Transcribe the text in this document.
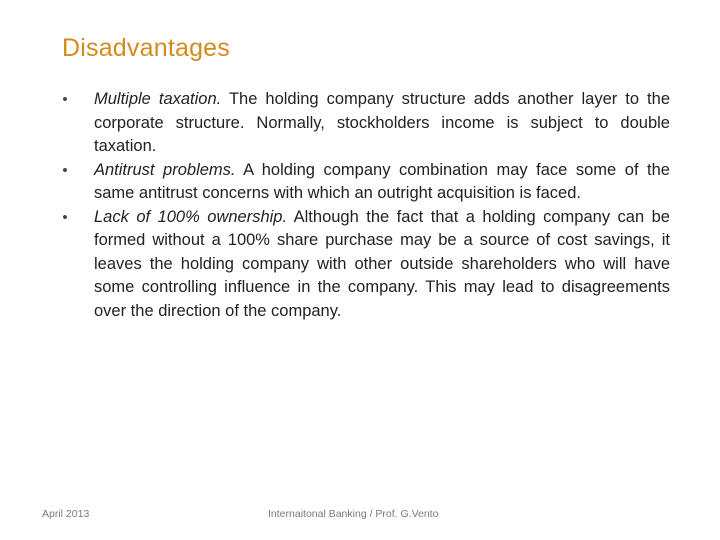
Disadvantages
• Multiple taxation. The holding company structure adds another layer to the corporate structure. Normally, stockholders income is subject to double taxation.
• Antitrust problems. A holding company combination may face some of the same antitrust concerns with which an outright acquisition is faced.
• Lack of 100% ownership. Although the fact that a holding company can be formed without a 100% share purchase may be a source of cost savings, it leaves the holding company with other outside shareholders who will have some controlling influence in the company. This may lead to disagreements over the direction of the company.
April 2013	Internaitonal Banking / Prof. G.Vento
